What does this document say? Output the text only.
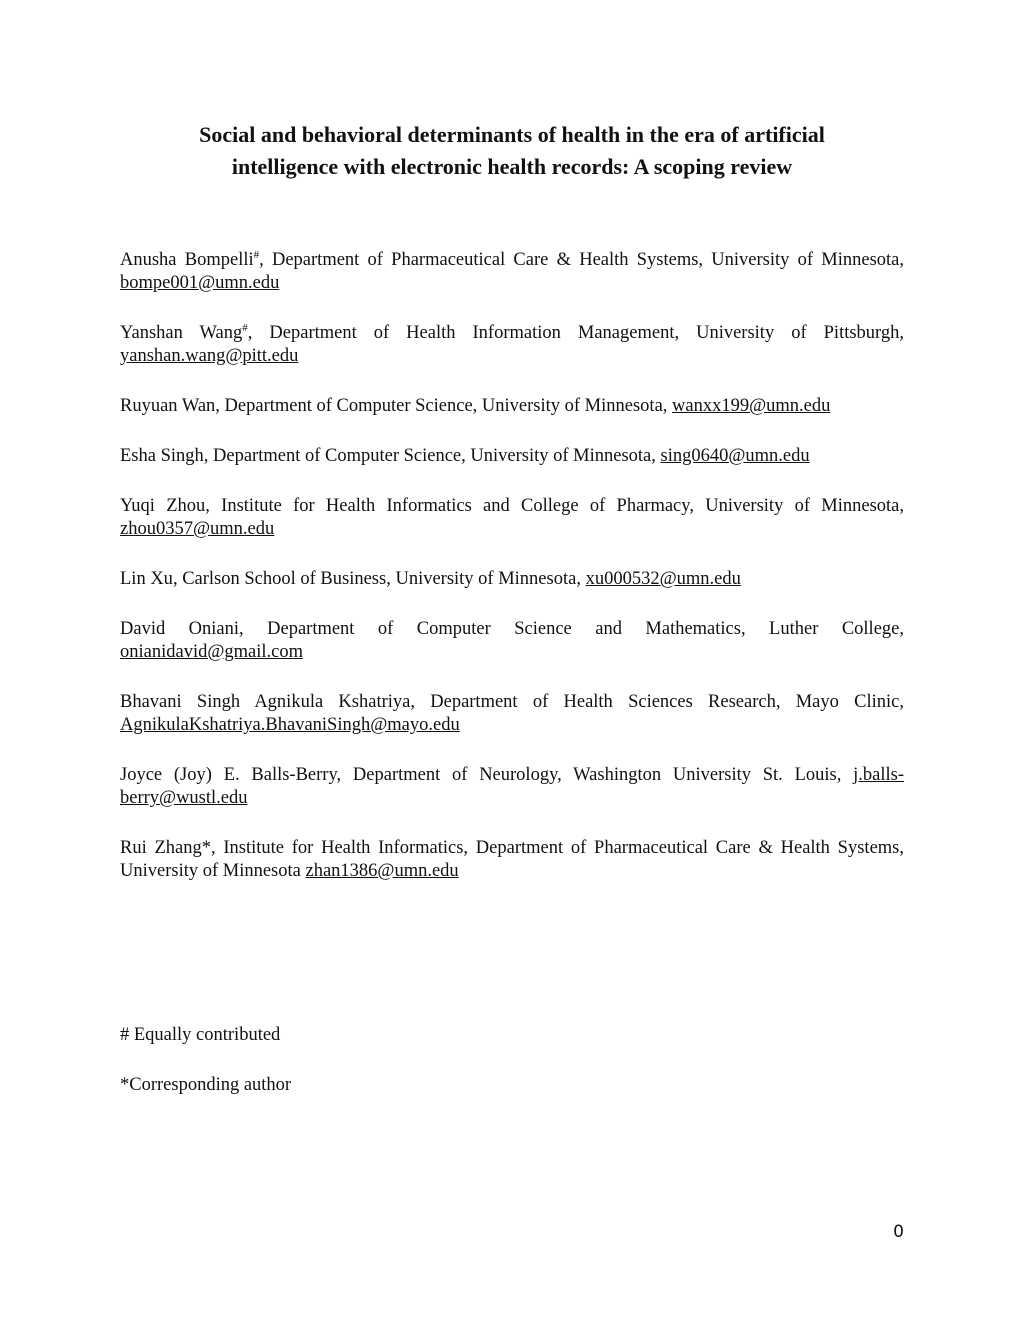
Social and behavioral determinants of health in the era of artificial
intelligence with electronic health records: A scoping review

Anusha Bompelli#, Department of Pharmaceutical Care & Health Systems, University of Minnesota, bompe001@umn.edu

Yanshan Wang#, Department of Health Information Management, University of Pittsburgh, yanshan.wang@pitt.edu

Ruyuan Wan, Department of Computer Science, University of Minnesota, wanxx199@umn.edu

Esha Singh, Department of Computer Science, University of Minnesota, sing0640@umn.edu

Yuqi Zhou, Institute for Health Informatics and College of Pharmacy, University of Minnesota, zhou0357@umn.edu

Lin Xu, Carlson School of Business, University of Minnesota, xu000532@umn.edu

David Oniani, Department of Computer Science and Mathematics, Luther College, onianidavid@gmail.com

Bhavani Singh Agnikula Kshatriya, Department of Health Sciences Research, Mayo Clinic, AgnikulaKshatriya.BhavaniSingh@mayo.edu

Joyce (Joy) E. Balls-Berry, Department of Neurology, Washington University St. Louis, j.balls-berry@wustl.edu

Rui Zhang*, Institute for Health Informatics, Department of Pharmaceutical Care & Health Systems, University of Minnesota zhan1386@umn.edu

# Equally contributed

*Corresponding author

0
